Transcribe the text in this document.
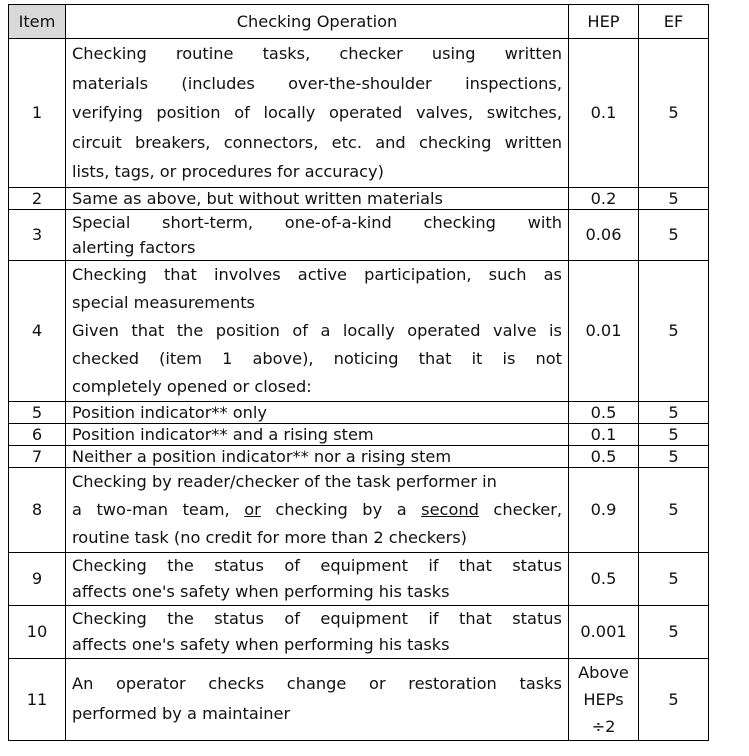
Item	Checking Operation	HEP	EF
1	Checking routine tasks, checker using written
materials (includes over-the-shoulder inspections,
verifying position of locally operated valves, switches,
circuit breakers, connectors, etc. and checking written
lists, tags, or procedures for accuracy)	0.1	5
2	Same as above, but without written materials	0.2	5
3	Special short-term, one-of-a-kind checking with
alerting factors	0.06	5
4	Checking that involves active participation, such as
special measurements
Given that the position of a locally operated valve is
checked (item 1 above), noticing that it is not
completely opened or closed:	0.01	5
5	Position indicator** only	0.5	5
6	Position indicator** and a rising stem	0.1	5
7	Neither a position indicator** nor a rising stem	0.5	5
8	Checking by reader/checker of the task performer in
a two-man team, or checking by a second checker,
routine task (no credit for more than 2 checkers)	0.9	5
9	Checking the status of equipment if that status
affects one's safety when performing his tasks	0.5	5
10	Checking the status of equipment if that status
affects one's safety when performing his tasks	0.001	5
11	An operator checks change or restoration tasks
performed by a maintainer	Above
HEPs
÷2	5
